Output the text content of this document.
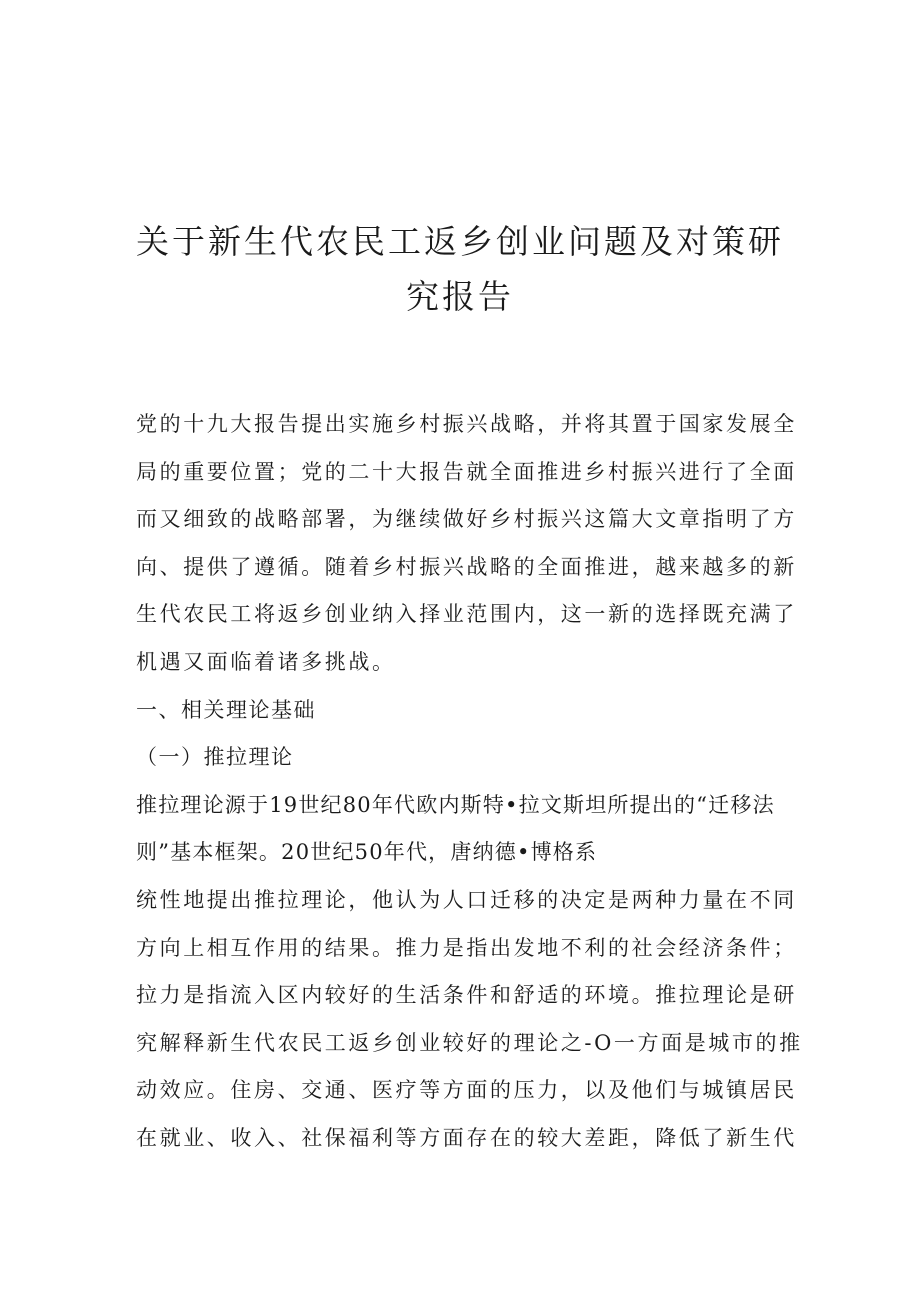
关于新生代农民工返乡创业问题及对策研
究报告
党的十九大报告提出实施乡村振兴战略，并将其置于国家发展全
局的重要位置；党的二十大报告就全面推进乡村振兴进行了全面
而又细致的战略部署，为继续做好乡村振兴这篇大文章指明了方
向、提供了遵循。随着乡村振兴战略的全面推进，越来越多的新
生代农民工将返乡创业纳入择业范围内，这一新的选择既充满了
机遇又面临着诸多挑战。
一、相关理论基础
（一）推拉理论
推拉理论源于19世纪80年代欧内斯特•拉文斯坦所提出的“迁移法
则”基本框架。20世纪50年代，唐纳德•博格系
统性地提出推拉理论，他认为人口迁移的决定是两种力量在不同
方向上相互作用的结果。推力是指出发地不利的社会经济条件；
拉力是指流入区内较好的生活条件和舒适的环境。推拉理论是研
究解释新生代农民工返乡创业较好的理论之-O一方面是城市的推
动效应。住房、交通、医疗等方面的压力，以及他们与城镇居民
在就业、收入、社保福利等方面存在的较大差距，降低了新生代
